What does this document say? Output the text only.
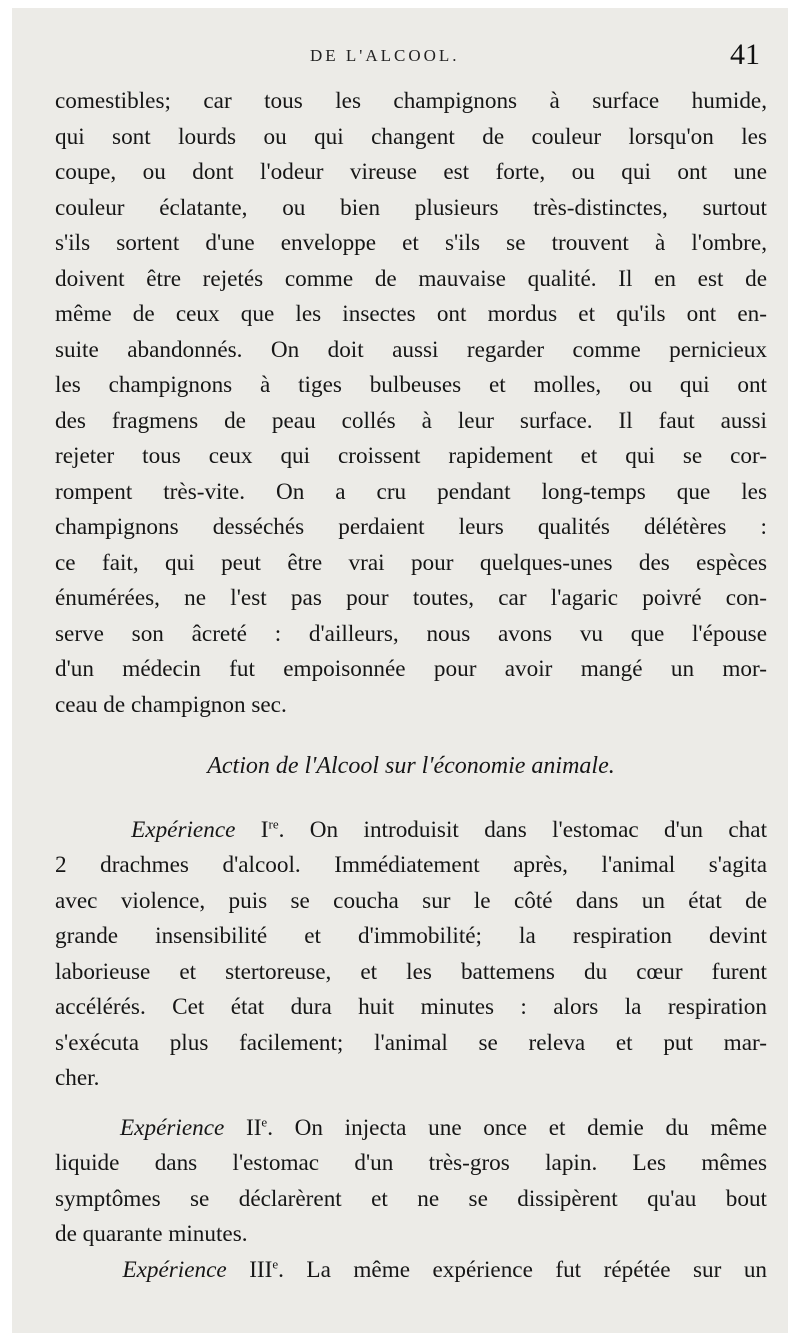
DE L'ALCOOL.	41
comestibles; car tous les champignons à surface humide,
qui sont lourds ou qui changent de couleur lorsqu'on les
coupe, ou dont l'odeur vireuse est forte, ou qui ont une
couleur éclatante, ou bien plusieurs très-distinctes, surtout
s'ils sortent d'une enveloppe et s'ils se trouvent à l'ombre,
doivent être rejetés comme de mauvaise qualité. Il en est de
même de ceux que les insectes ont mordus et qu'ils ont en-
suite abandonnés. On doit aussi regarder comme pernicieux
les champignons à tiges bulbeuses et molles, ou qui ont
des fragmens de peau collés à leur surface. Il faut aussi
rejeter tous ceux qui croissent rapidement et qui se cor-
rompent très-vite. On a cru pendant long-temps que les
champignons desséchés perdaient leurs qualités délétères :
ce fait, qui peut être vrai pour quelques-unes des espèces
énumérées, ne l'est pas pour toutes, car l'agaric poivré con-
serve son âcreté : d'ailleurs, nous avons vu que l'épouse
d'un médecin fut empoisonnée pour avoir mangé un mor-
ceau de champignon sec.
Action de l'Alcool sur l'économie animale.
Expérience Ire. On introduisit dans l'estomac d'un chat
2 drachmes d'alcool. Immédiatement après, l'animal s'agita
avec violence, puis se coucha sur le côté dans un état de
grande insensibilité et d'immobilité; la respiration devint
laborieuse et stertoreuse, et les battemens du cœur furent
accélérés. Cet état dura huit minutes : alors la respiration
s'exécuta plus facilement; l'animal se releva et put mar-
cher.
Expérience IIe. On injecta une once et demie du même
liquide dans l'estomac d'un très-gros lapin. Les mêmes
symptômes se déclarèrent et ne se dissipèrent qu'au bout
de quarante minutes.
Expérience IIIe. La même expérience fut répétée sur un
